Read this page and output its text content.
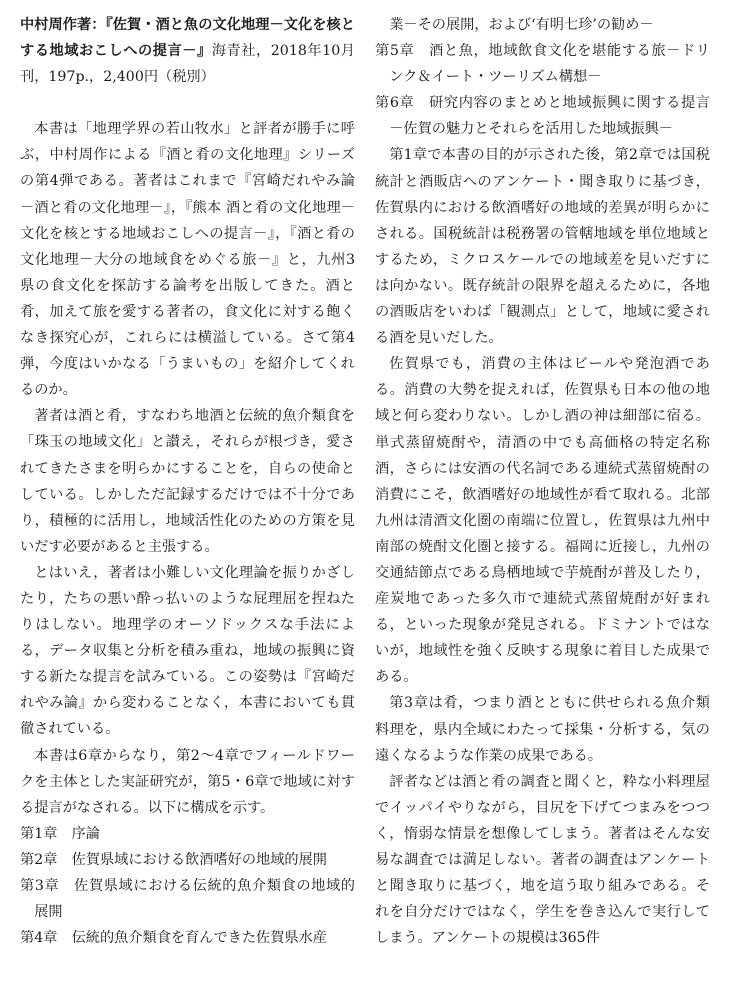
中村周作著：『佐賀・酒と魚の文化地理－文化を核とする地域おこしへの提言－』海青社，2018年10月刊，197p.，2,400円（税別）

本書は「地理学界の若山牧水」と評者が勝手に呼ぶ，中村周作による『酒と肴の文化地理』シリーズの第4弾である。著者はこれまで『宮崎だれやみ論－酒と肴の文化地理－』，『熊本 酒と肴の文化地理－文化を核とする地域おこしへの提言－』，『酒と肴の文化地理－大分の地域食をめぐる旅－』と，九州3県の食文化を探訪する論考を出版してきた。酒と肴，加えて旅を愛する著者の，食文化に対する飽くなき探究心が，これらには横溢している。さて第4弾，今度はいかなる「うまいもの」を紹介してくれるのか。

著者は酒と肴，すなわち地酒と伝統的魚介類食を「珠玉の地域文化」と讃え，それらが根づき，愛されてきたさまを明らかにすることを，自らの使命としている。しかしただ記録するだけでは不十分であり，積極的に活用し，地域活性化のための方策を見いだす必要があると主張する。

とはいえ，著者は小難しい文化理論を振りかざしたり，たちの悪い酔っ払いのような屁理屈を捏ねたりはしない。地理学のオーソドックスな手法による，データ収集と分析を積み重ね，地域の振興に資する新たな提言を試みている。この姿勢は『宮崎だれやみ論』から変わることなく，本書においても貫徹されている。

本書は6章からなり，第2～4章でフィールドワークを主体とした実証研究が，第5・6章で地域に対する提言がなされる。以下に構成を示す。

第1章　序論

第2章　佐賀県域における飲酒嗜好の地域的展開

第3章　佐賀県域における伝統的魚介類食の地域的展開

第4章　伝統的魚介類食を育んできた佐賀県水産

業－その展開，および‘有明七珍’の勧め－

第5章　酒と魚，地域飲食文化を堪能する旅－ドリンク＆イート・ツーリズム構想－

第6章　研究内容のまとめと地域振興に関する提言－佐賀の魅力とそれらを活用した地域振興－

第1章で本書の目的が示された後，第2章では国税統計と酒販店へのアンケート・聞き取りに基づき，佐賀県内における飲酒嗜好の地域的差異が明らかにされる。国税統計は税務署の管轄地域を単位地域とするため，ミクロスケールでの地域差を見いだすには向かない。既存統計の限界を超えるために，各地の酒販店をいわば「観測点」として，地域に愛される酒を見いだした。

佐賀県でも，消費の主体はビールや発泡酒である。消費の大勢を捉えれば，佐賀県も日本の他の地域と何ら変わりない。しかし酒の神は細部に宿る。単式蒸留焼酎や，清酒の中でも高価格の特定名称酒，さらには安酒の代名詞である連続式蒸留焼酎の消費にこそ，飲酒嗜好の地域性が看て取れる。北部九州は清酒文化圏の南端に位置し，佐賀県は九州中南部の焼酎文化圏と接する。福岡に近接し，九州の交通結節点である鳥栖地域で芋焼酎が普及したり，産炭地であった多久市で連続式蒸留焼酎が好まれる，といった現象が発見される。ドミナントではないが，地域性を強く反映する現象に着目した成果である。

第3章は肴，つまり酒とともに供せられる魚介類料理を，県内全域にわたって採集・分析する，気の遠くなるような作業の成果である。

評者などは酒と肴の調査と聞くと，粋な小料理屋でイッパイやりながら，目尻を下げてつまみをつつく，惰弱な情景を想像してしまう。著者はそんな安易な調査では満足しない。著者の調査はアンケートと聞き取りに基づく，地を這う取り組みである。それを自分だけではなく，学生を巻き込んで実行してしまう。アンケートの規模は365件
